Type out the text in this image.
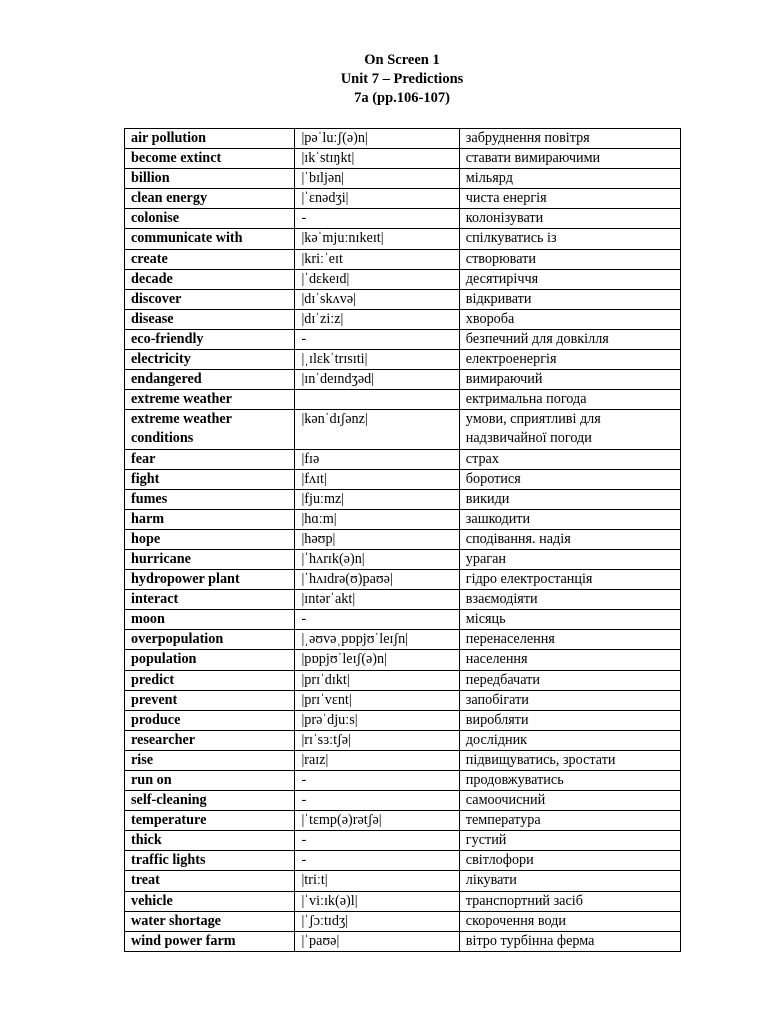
On Screen 1
Unit 7 – Predictions
7a (pp.106-107)
air pollution	|pəˈluːʃ(ə)n|	забруднення повітря
become extinct	|ɪkˈstɪŋkt|	ставати вимираючими
billion	|ˈbɪljən|	мільярд
clean energy	|ˈɛnədʒi|	чиста енергія
colonise	-	колонізувати
communicate with	|kəˈmjuːnɪkeɪt|	спілкуватись із
create	|kriːˈeɪt	створювати
decade	|ˈdɛkeɪd|	десятиріччя
discover	|dɪˈskʌvə|	відкривати
disease	|dɪˈziːz|	хвороба
eco-friendly	-	безпечний для довкілля
electricity	|ˌɪlɛkˈtrɪsɪti|	електроенергія
endangered	|ɪnˈdeɪndʒəd|	вимираючий
extreme weather		ектримальна погода
extreme weather conditions	|kənˈdɪʃənz|	умови, сприятливі для надзвичайної погоди
fear	|fɪə	страх
fight	|fʌɪt|	боротися
fumes	|fjuːmz|	викиди
harm	|hɑːm|	зашкодити
hope	|həʊp|	сподівання. надія
hurricane	|ˈhʌrɪk(ə)n|	ураган
hydropower plant	|ˈhʌɪdrə(ʊ)paʊə|	гідро електростанція
interact	|ɪntərˈakt|	взаємодіяти
moon	-	місяць
overpopulation	|ˌəʊvəˌpɒpjʊˈleɪʃn|	перенаселення
population	|pɒpjʊˈleɪʃ(ə)n|	населення
predict	|prɪˈdɪkt|	передбачати
prevent	|prɪˈvɛnt|	запобігати
produce	|prəˈdjuːs|	виробляти
researcher	|rɪˈsɜːtʃə|	дослідник
rise	|raɪz|	підвищуватись, зростати
run on	-	продовжуватись
self-cleaning	-	самоочисний
temperature	|ˈtɛmp(ə)rətʃə|	температура
thick	-	густий
traffic lights	-	світлофори
treat	|triːt|	лікувати
vehicle	|ˈviːɪk(ə)l|	транспортний засіб
water shortage	|ˈʃɔːtɪdʒ|	скорочення води
wind power farm	|ˈpaʊə|	вітро турбінна ферма
